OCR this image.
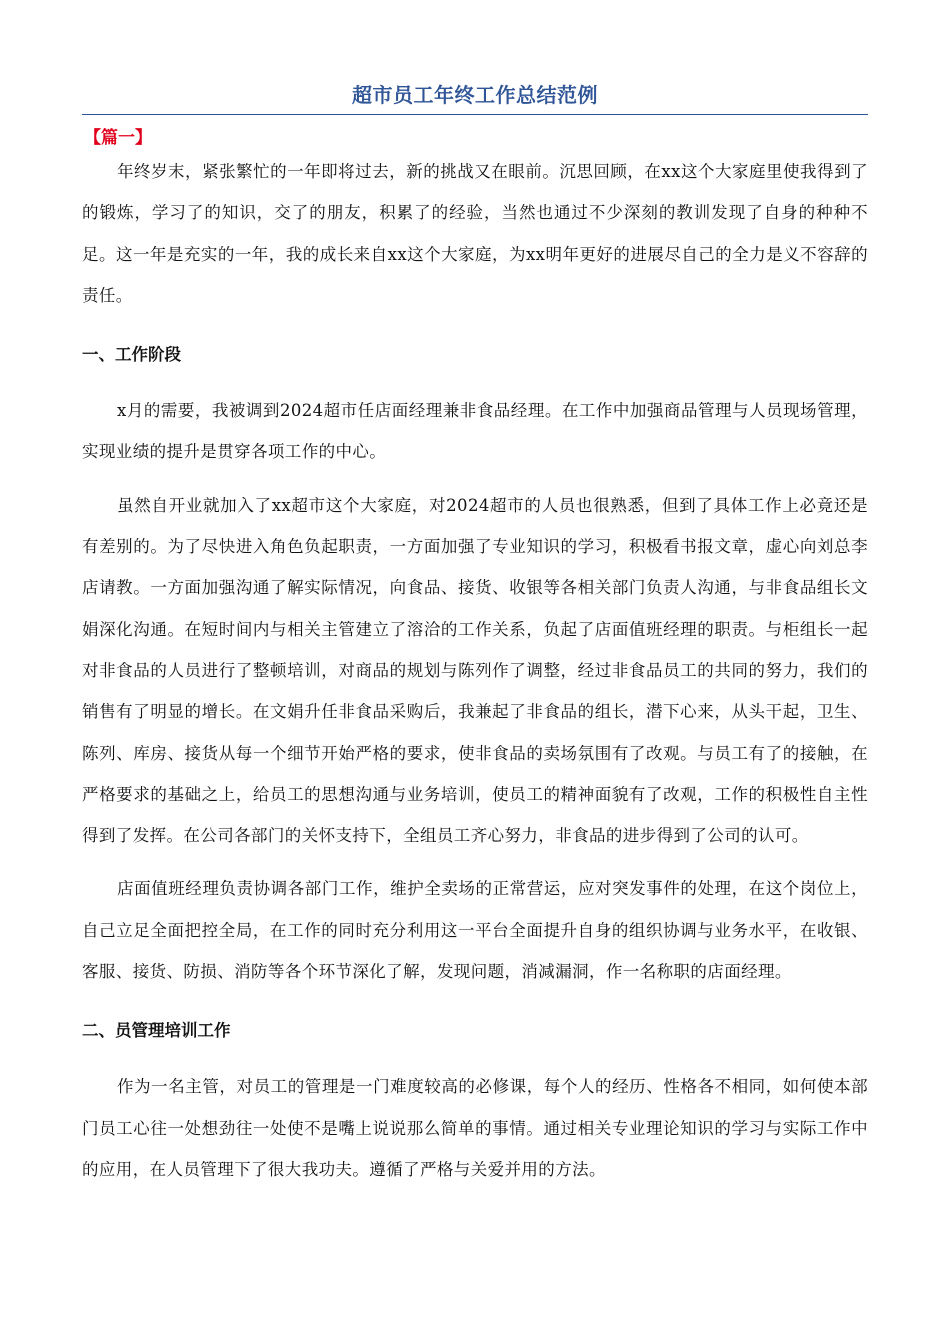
超市员工年终工作总结范例
【篇一】

年终岁末，紧张繁忙的一年即将过去，新的挑战又在眼前。沉思回顾，在xx这个大家庭里使我得到了的锻炼，学习了的知识，交了的朋友，积累了的经验，当然也通过不少深刻的教训发现了自身的种种不足。这一年是充实的一年，我的成长来自xx这个大家庭，为xx明年更好的进展尽自己的全力是义不容辞的责任。

一、工作阶段

x月的需要，我被调到2024超市任店面经理兼非食品经理。在工作中加强商品管理与人员现场管理，实现业绩的提升是贯穿各项工作的中心。

虽然自开业就加入了xx超市这个大家庭，对2024超市的人员也很熟悉，但到了具体工作上必竟还是有差别的。为了尽快进入角色负起职责，一方面加强了专业知识的学习，积极看书报文章，虚心向刘总李店请教。一方面加强沟通了解实际情况，向食品、接货、收银等各相关部门负责人沟通，与非食品组长文娟深化沟通。在短时间内与相关主管建立了溶洽的工作关系，负起了店面值班经理的职责。与柜组长一起对非食品的人员进行了整顿培训，对商品的规划与陈列作了调整，经过非食品员工的共同的努力，我们的销售有了明显的增长。在文娟升任非食品采购后，我兼起了非食品的组长，潜下心来，从头干起，卫生、陈列、库房、接货从每一个细节开始严格的要求，使非食品的卖场氛围有了改观。与员工有了的接触，在严格要求的基础之上，给员工的思想沟通与业务培训，使员工的精神面貌有了改观，工作的积极性自主性得到了发挥。在公司各部门的关怀支持下，全组员工齐心努力，非食品的进步得到了公司的认可。

店面值班经理负责协调各部门工作，维护全卖场的正常营运，应对突发事件的处理，在这个岗位上，自己立足全面把控全局，在工作的同时充分利用这一平台全面提升自身的组织协调与业务水平，在收银、客服、接货、防损、消防等各个环节深化了解，发现问题，消减漏洞，作一名称职的店面经理。

二、员管理培训工作

作为一名主管，对员工的管理是一门难度较高的必修课，每个人的经历、性格各不相同，如何使本部门员工心往一处想劲往一处使不是嘴上说说那么简单的事情。通过相关专业理论知识的学习与实际工作中的应用，在人员管理下了很大我功夫。遵循了严格与关爱并用的方法。
